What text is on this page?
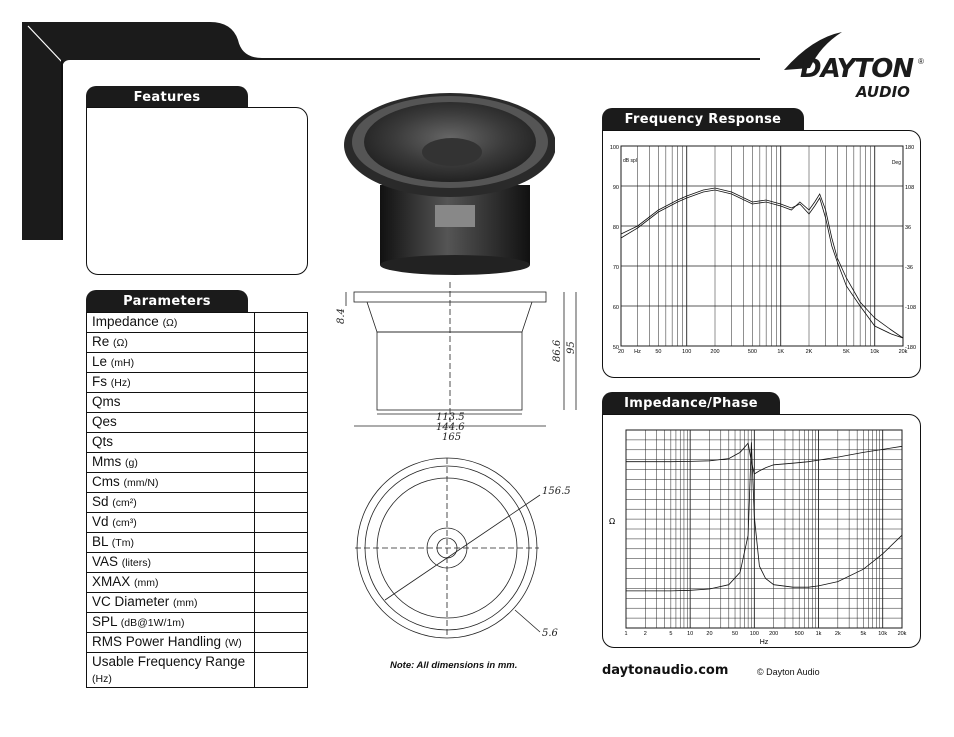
DAYTON ®
AUDIO
Features
Parameters
Impedance (Ω)	
Re (Ω)	
Le (mH)	
Fs (Hz)	
Qms	
Qes	
Qts	
Mms (g)	
Cms (mm/N)	
Sd (cm²)	
Vd (cm³)	
BL (Tm)	
VAS (liters)	
XMAX (mm)	
VC Diameter (mm)	
SPL (dB@1W/1m)	
RMS Power Handling (W)	
Usable Frequency Range (Hz)	
8.4
86.6 95
113.5
144.6
165
156.5
5.6
Note: All dimensions in mm.
Frequency Response
100
90
80
70
60
50
180
108
36
-36
-108
-180
20 Hz	50	100	200	500	1K	2K	5K	10k	20k
dB spl	Deg
Impedance/Phase
1	2	5	10 20	50 100 200	500 1k 2k	5k 10k 20k
Hz
Ω
daytonaudio.com	© Dayton Audio
